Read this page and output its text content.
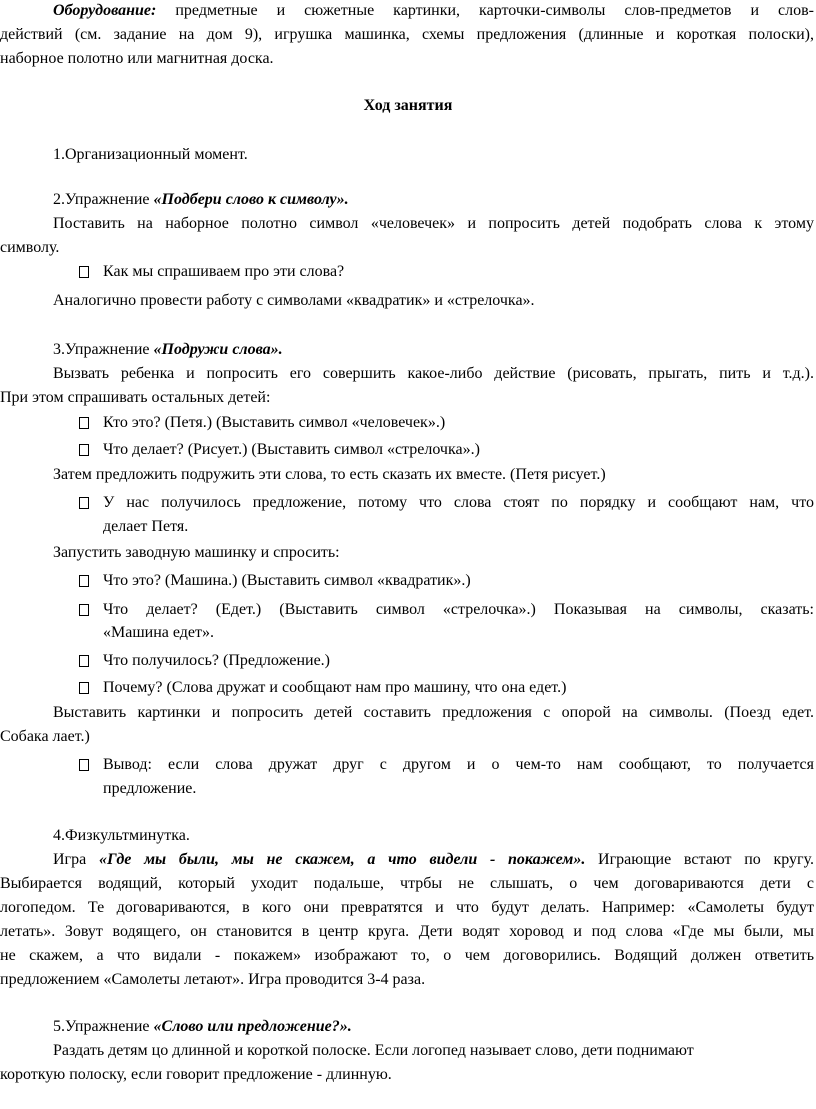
Оборудование: предметные и сюжетные картинки, карточки-символы слов-предметов и слов-
действий (см. задание на дом 9), игрушка машинка, схемы предложения (длинные и короткая полоски),
наборное полотно или магнитная доска.
Ход занятия
1.Организационный момент.
2.Упражнение «Подбери слово к символу».
Поставить на наборное полотно символ «человечек» и попросить детей подобрать слова к этому
символу.
Как мы спрашиваем про эти слова?
Аналогично провести работу с символами «квадратик» и «стрелочка».
3.Упражнение «Подружи слова».
Вызвать ребенка и попросить его совершить какое-либо действие (рисовать, прыгать, пить и т.д.).
При этом спрашивать остальных детей:
Кто это? (Петя.) (Выставить символ «человечек».)
Что делает? (Рисует.) (Выставить символ «стрелочка».)
Затем предложить подружить эти слова, то есть сказать их вместе. (Петя рисует.)
У нас получилось предложение, потому что слова стоят по порядку и сообщают нам, что
делает Петя.
Запустить заводную машинку и спросить:
Что это? (Машина.) (Выставить символ «квадратик».)
Что делает? (Едет.) (Выставить символ «стрелочка».) Показывая на символы, сказать:
«Машина едет».
Что получилось? (Предложение.)
Почему? (Слова дружат и сообщают нам про машину, что она едет.)
Выставить картинки и попросить детей составить предложения с опорой на символы. (Поезд едет.
Собака лает.)
Вывод: если слова дружат друг с другом и о чем-то нам сообщают, то получается
предложение.
4.Физкультминутка.
Игра «Где мы были, мы не скажем, а что видели - покажем». Играющие встают по кругу.
Выбирается водящий, который уходит подальше, чтрбы не слышать, о чем договариваются дети с
логопедом. Те договариваются, в кого они превратятся и что будут делать. Например: «Самолеты будут
летать». Зовут водящего, он становится в центр круга. Дети водят хоровод и под слова «Где мы были, мы
не скажем, а что видали - покажем» изображают то, о чем договорились. Водящий должен ответить
предложением «Самолеты летают». Игра проводится 3-4 раза.
5.Упражнение «Слово или предложение?».
Раздать детям цо длинной и короткой полоске. Если логопед называет слово, дети поднимают
короткую полоску, если говорит предложение - длинную.
